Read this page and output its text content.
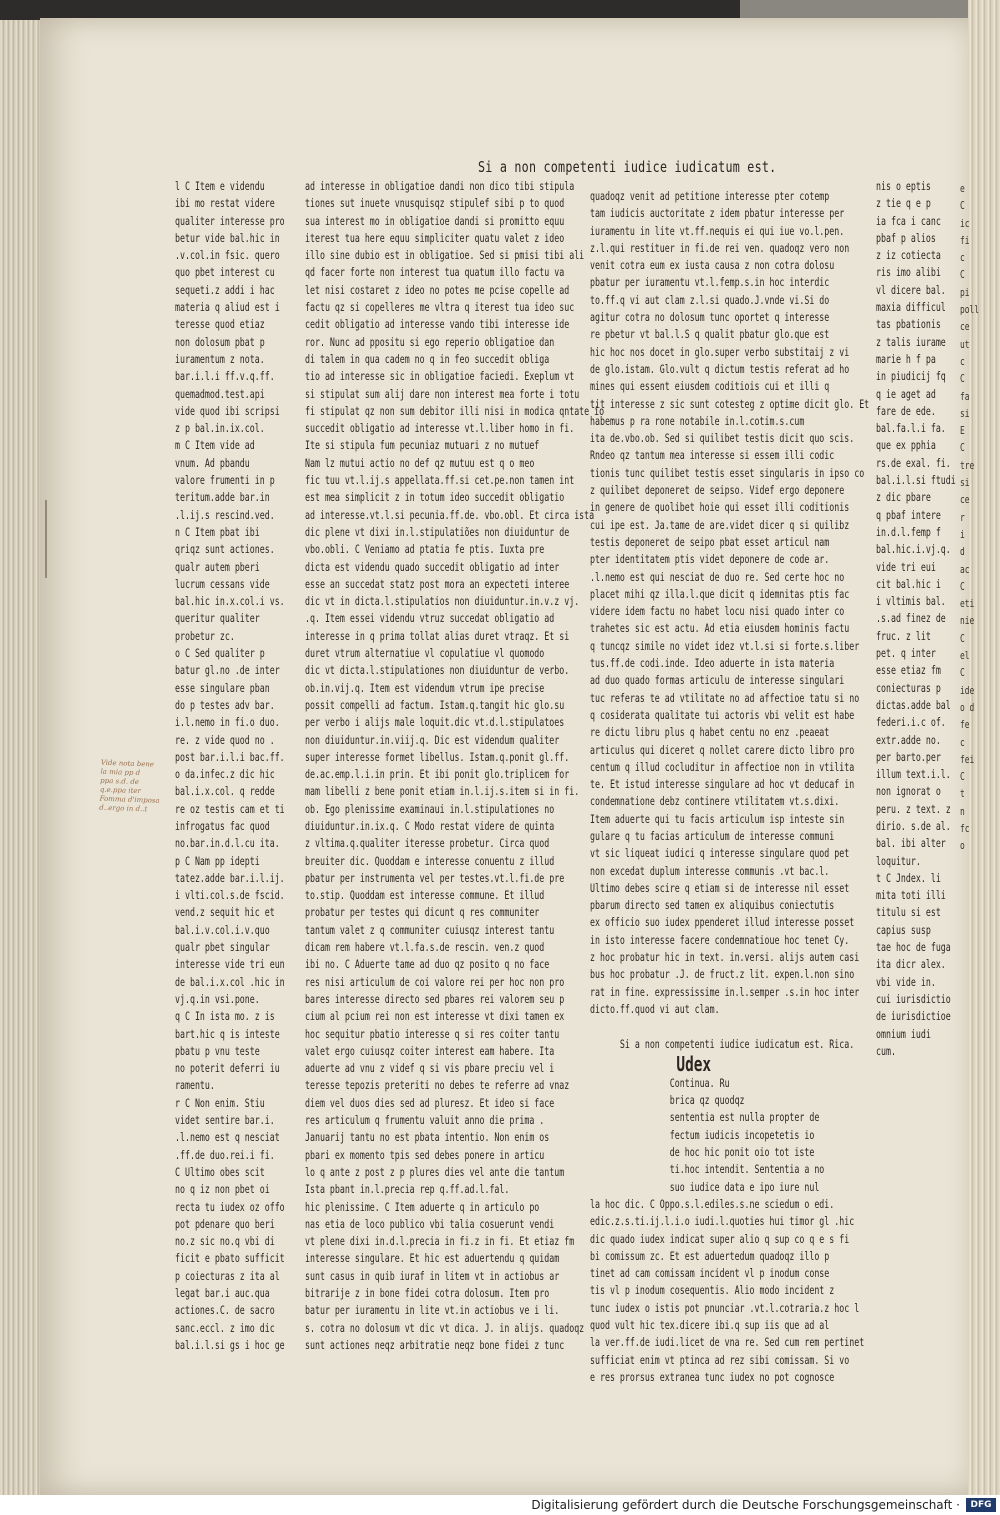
Si a non competenti iudice iudicatum est.
l C Item e videndu
ibi mo restat videre
qualiter interesse pro
betur vide bal.hic in
.v.col.in fsic. quero
quo pbet interest cu
sequeti.z addi i hac
materia q aliud est i
teresse quod etiaz
non dolosum pbat p
iuramentum z nota.
bar.i.l.i ff.v.q.ff.
quemadmod.test.api
vide quod ibi scripsi
z p bal.in.ix.col.
m C Item vide ad
vnum. Ad pbandu
valore frumenti in p
teritum.adde bar.in
.l.ij.s rescind.ved.
n C Item pbat ibi
qriqz sunt actiones.
qualr autem pberi
lucrum cessans vide
bal.hic in.x.col.i vs.
queritur qualiter
probetur zc.
o C Sed qualiter p
batur gl.no .de inter
esse singulare pban
do p testes adv bar.
i.l.nemo in fi.o duo.
re. z vide quod no .
post bar.i.l.i bac.ff.
o da.infec.z dic hic
bal.i.x.col. q redde
re oz testis cam et ti
infrogatus fac quod
no.bar.in.d.l.cu ita.
p C Nam pp idepti
tatez.adde bar.i.l.ij.
i vlti.col.s.de fscid.
vend.z sequit hic et
bal.i.v.col.i.v.quo
qualr pbet singular
interesse vide tri eun
de bal.i.x.col .hic in
vj.q.in vsi.pone.
q C In ista mo. z is
bart.hic q is inteste
pbatu p vnu teste
no poterit deferri iu
ramentu.
r C Non enim. Stiu
videt sentire bar.i.
.l.nemo est q nesciat
.ff.de duo.rei.i fi.
C Ultimo obes scit
no q iz non pbet oi
recta tu iudex oz offo
pot pdenare quo beri
no.z sic no.q vbi di
ficit e pbato sufficit
p coiecturas z ita al
legat bar.i auc.qua
actiones.C. de sacro
sanc.eccl. z imo dic
bal.i.l.si gs i hoc ge
ad interesse in obligatioe dandi non dico tibi stipula
tiones sut inuete vnusquisqz stipulef sibi p to quod
sua interest mo in obligatioe dandi si promitto equu
iterest tua here equu simpliciter quatu valet z ideo
illo sine dubio est in obligatioe. Sed si pmisi tibi ali
qd facer forte non interest tua quatum illo factu va
let nisi costaret z ideo no potes me pcise copelle ad
factu qz si copelleres me vltra q iterest tua ideo suc
cedit obligatio ad interesse vando tibi interesse ide
ror. Nunc ad ppositu si ego reperio obligatioe dan
di talem in qua cadem no q in feo succedit obliga
tio ad interesse sic in obligatioe faciedi. Exeplum vt
si stipulat sum alij dare non interest mea forte i totu
fi stipulat qz non sum debitor illi nisi in modica qntate io
succedit obligatio ad interesse vt.l.liber homo in fi.
Ite si stipula fum pecuniaz mutuari z no mutuef
Nam lz mutui actio no def qz mutuu est q o meo
fic tuu vt.l.ij.s appellata.ff.si cet.pe.non tamen int
est mea simplicit z in totum ideo succedit obligatio
ad interesse.vt.l.si pecunia.ff.de. vbo.obl. Et circa ista
dic plene vt dixi in.l.stipulatiões non diuiduntur de
vbo.obli. C Veniamo ad ptatia fe ptis. Iuxta pre
dicta est videndu quado succedit obligatio ad inter
esse an succedat statz post mora an expecteti interee
dic vt in dicta.l.stipulatios non diuiduntur.in.v.z vj.
.q. Item essei videndu vtruz succedat obligatio ad
interesse in q prima tollat alias duret vtraqz. Et si
duret vtrum alternatiue vl copulatiue vl quomodo
dic vt dicta.l.stipulationes non diuiduntur de verbo.
ob.in.vij.q. Item est videndum vtrum ipe precise
possit compelli ad factum. Istam.q.tangit hic glo.su
per verbo i alijs male loquit.dic vt.d.l.stipulatoes
non diuiduntur.in.viij.q. Dic est videndum qualiter
super interesse formet libellus. Istam.q.ponit gl.ff.
de.ac.emp.l.i.in prin. Et ibi ponit glo.triplicem for
mam libelli z bene ponit etiam in.l.ij.s.item si in fi.
ob. Ego plenissime examinaui in.l.stipulationes no
diuiduntur.in.ix.q. C Modo restat videre de quinta
z vltima.q.qualiter iteresse probetur. Circa quod
breuiter dic. Quoddam e interesse conuentu z illud
pbatur per instrumenta vel per testes.vt.l.fi.de pre
to.stip. Quoddam est interesse commune. Et illud
probatur per testes qui dicunt q res communiter
tantum valet z q communiter cuiusqz interest tantu
dicam rem habere vt.l.fa.s.de rescin. ven.z quod
ibi no. C Aduerte tame ad duo qz posito q no face
res nisi articulum de coi valore rei per hoc non pro
bares interesse directo sed pbares rei valorem seu p
cium al pcium rei non est interesse vt dixi tamen ex
hoc sequitur pbatio interesse q si res coiter tantu
valet ergo cuiusqz coiter interest eam habere. Ita
aduerte ad vnu z videf q si vis pbare preciu vel i
teresse tepozis preteriti no debes te referre ad vnaz
diem vel duos dies sed ad pluresz. Et ideo si face
res articulum q frumentu valuit anno die prima .
Januarij tantu no est pbata intentio. Non enim os
pbari ex momento tpis sed debes ponere in articu
lo q ante z post z p plures dies vel ante die tantum
Ista pbant in.l.precia rep q.ff.ad.l.fal.
hic plenissime. C Item aduerte q in articulo po
nas etia de loco publico vbi talia cosuerunt vendi
vt plene dixi in.d.l.precia in fi.z in fi. Et etiaz fm
interesse singulare. Et hic est aduertendu q quidam
sunt casus in quib iuraf in litem vt in actiobus ar
bitrarije z in bone fidei cotra dolosum. Item pro
batur per iuramentu in lite vt.in actiobus ve i li.
s. cotra no dolosum vt dic vt dica. J. in alijs. quadoqz
sunt actiones neqz arbitratie neqz bone fidei z tunc
quadoqz venit ad petitione interesse pter cotemp
tam iudicis auctoritate z idem pbatur interesse per
iuramentu in lite vt.ff.nequis ei qui iue vo.l.pen.
z.l.qui restituer in fi.de rei ven. quadoqz vero non
venit cotra eum ex iusta causa z non cotra dolosu
pbatur per iuramentu vt.l.femp.s.in hoc interdic
to.ff.q vi aut clam z.l.si quado.J.vnde vi.Si do
agitur cotra no dolosum tunc oportet q interesse
re pbetur vt bal.l.S q qualit pbatur glo.que est
hic hoc nos docet in glo.super verbo substitaij z vi
de glo.istam. Glo.vult q dictum testis referat ad ho
mines qui essent eiusdem coditiois cui et illi q
tit interesse z sic sunt cotesteg z optime dicit glo. Et
habemus p ra rone notabile in.l.cotim.s.cum
ita de.vbo.ob. Sed si quilibet testis dicit quo scis.
Rndeo qz tantum mea interesse si essem illi codic
tionis tunc quilibet testis esset singularis in ipso co
z quilibet deponeret de seipso. Videf ergo deponere
in genere de quolibet hoie qui esset illi coditionis
cui ipe est. Ja.tame de are.videt dicer q si quilibz
testis deponeret de seipo pbat esset articul nam
pter identitatem ptis videt deponere de code ar.
.l.nemo est qui nesciat de duo re. Sed certe hoc no
placet mihi qz illa.l.que dicit q idemnitas ptis fac
videre idem factu no habet locu nisi quado inter co
trahetes sic est actu. Ad etia eiusdem hominis factu
q tuncqz simile no videt idez vt.l.si si forte.s.liber
tus.ff.de codi.inde. Ideo aduerte in ista materia
ad duo quado formas articulu de interesse singulari
tuc referas te ad vtilitate no ad affectioe tatu si no
q cosiderata qualitate tui actoris vbi velit est habe
re dictu libru plus q habet centu no enz .peaeat
articulus qui diceret q nollet carere dicto libro pro
centum q illud cocluditur in affectioe non in vtilita
te. Et istud interesse singulare ad hoc vt deducaf in
condemnatione debz continere vtilitatem vt.s.dixi.
Item aduerte qui tu facis articulum isp inteste sin
gulare q tu facias articulum de interesse communi
vt sic liqueat iudici q interesse singulare quod pet
non excedat duplum interesse communis .vt bac.l.
Ultimo debes scire q etiam si de interesse nil esset
pbarum directo sed tamen ex aliquibus coniectutis
ex officio suo iudex ppenderet illud interesse posset
in isto interesse facere condemnatioue hoc tenet Cy.
z hoc probatur hic in text. in.versi. alijs autem casi
bus hoc probatur .J. de fruct.z lit. expen.l.non sino
rat in fine. expressissime in.l.semper .s.in hoc inter
dicto.ff.quod vi aut clam.

Si a non competenti iudice iudicatum est. Rica.
Udex
Continua. Ru
brica qz quodqz
sententia est nulla propter de
fectum iudicis incopetetis io
de hoc hic ponit oio tot iste
ti.hoc intendit. Sententia a no
suo iudice data e ipo iure nul
la hoc dic. C Oppo.s.l.ediles.s.ne sciedum o edi.
edic.z.s.ti.ij.l.i.o iudi.l.quoties hui timor gl .hic
dic quado iudex indicat super alio q sup co q e s fi
bi comissum zc. Et est aduertedum quadoqz illo p
tinet ad cam comissam incident vl p inodum conse
tis vl p inodum cosequentis. Alio modo incident z
tunc iudex o istis pot pnunciar .vt.l.cotraria.z hoc l
quod vult hic tex.dicere ibi.q sup iis que ad al
la ver.ff.de iudi.licet de vna re. Sed cum rem pertinet
sufficiat enim vt ptinca ad rez sibi comissam. Si vo
e res prorsus extranea tunc iudex no pot cognosce
nis o eptis
z tie q e p
ia fca i canc
pbaf p alios
z iz cotiecta
ris imo alibi
vl dicere bal.
maxia difficul
tas pbationis
z talis iurame
marie h f pa
in piudicij fq
q ie aget ad
fare de ede.
bal.fa.l.i fa.
que ex pphia
rs.de exal. fi.
bal.i.l.si ftudi
z dic pbare
q pbaf intere
in.d.l.femp f
bal.hic.i.vj.q.
vide tri eui
cit bal.hic i
i vltimis bal.
.s.ad finez de
fruc. z lit
pet. q inter
esse etiaz fm
coniecturas p
dictas.adde bal
federi.i.c of.
extr.adde no.
per barto.per
illum text.i.l.
non ignorat o
peru. z text. z
dirio. s.de al.
bal. ibi alter
loquitur.
t C Jndex. li
mita toti illi
titulu si est
capius susp
tae hoc de fuga
ita dicr alex.
vbi vide in.
cui iurisdictio
de iurisdictioe
omnium iudi
cum.
e
C
ic
fi
c
C
pi
poll
ce
ut
c
C
fa
si
E
C
tre
si
ce
r
i
d
ac
C
eti
nie
C
el
C
ide
o d
fe
c
fei
C
t
n
fc
o
Vide nota bene
la mia pp d
ppa s.d. de
q.e.ppa iter
Fomma d'imposa
d..ergo in d..t
Digitalisierung gefördert durch die Deutsche Forschungsgemeinschaft ·	DFG
